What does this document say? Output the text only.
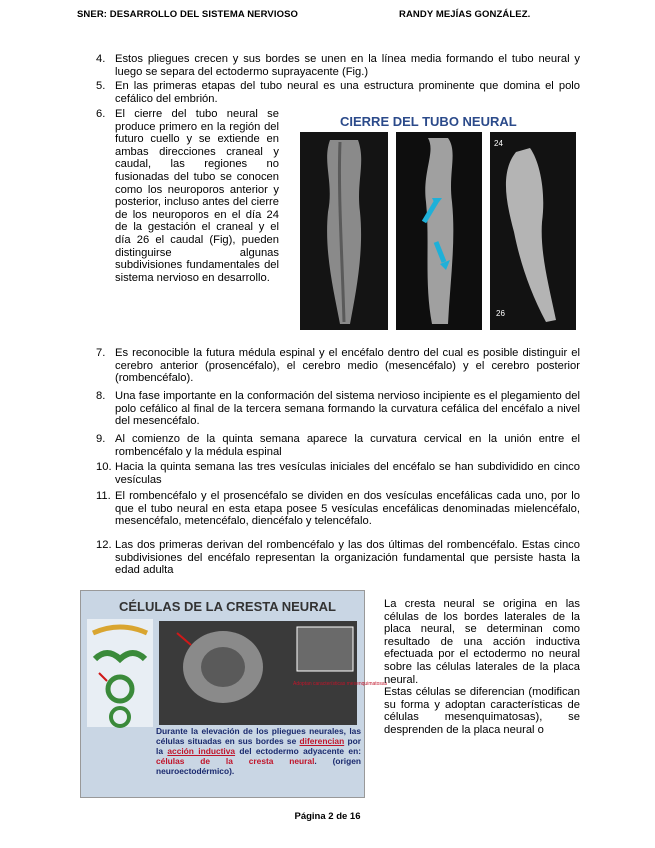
SNER: DESARROLLO DEL SISTEMA NERVIOSO	RANDY MEJÍAS GONZÁLEZ.
4. Estos pliegues crecen y sus bordes se unen en la línea media formando el tubo neural y luego se separa del ectodermo suprayacente (Fig.)
5. En las primeras etapas del tubo neural es una estructura prominente que domina el polo cefálico del embrión.
6. El cierre del tubo neural se produce primero en la región del futuro cuello y se extiende en ambas direcciones craneal y caudal, las regiones no fusionadas del tubo se conocen como los neuroporos anterior y posterior, incluso antes del cierre de los neuroporos en el día 24 de la gestación el craneal y el día 26 el caudal (Fig), pueden distinguirse algunas subdivisiones fundamentales del sistema nervioso en desarrollo.
CIERRE DEL TUBO NEURAL
24
26
7. Es reconocible la futura médula espinal y el encéfalo dentro del cual es posible distinguir el cerebro anterior (prosencéfalo), el cerebro medio (mesencéfalo) y el cerebro posterior (rombencéfalo).
8. Una fase importante en la conformación del sistema nervioso incipiente es el plegamiento del polo cefálico al final de la tercera semana formando la curvatura cefálica del encéfalo a nivel del mesencéfalo.
9. Al comienzo de la quinta semana aparece la curvatura cervical en la unión entre el rombencéfalo y la médula espinal
10. Hacia la quinta semana las tres vesículas iniciales del encéfalo se han subdividido en cinco vesículas
11. El rombencéfalo y el prosencéfalo se dividen en dos vesículas encefálicas cada uno, por lo que el tubo neural en esta etapa posee 5 vesículas encefálicas denominadas mielencéfalo, mesencéfalo, metencéfalo, diencéfalo y telencéfalo.
12. Las dos primeras derivan del rombencéfalo y las dos últimas del rombencéfalo. Estas cinco subdivisiones del encéfalo representan la organización fundamental que persiste hasta la edad adulta
CÉLULAS DE LA CRESTA NEURAL
Adoptan características mesenquimatosas
Durante la elevación de los pliegues neurales, las células situadas en sus bordes se diferencian por la acción inductiva del ectodermo adyacente en: células de la cresta neural. (origen neuroectodérmico).
La cresta neural se origina en las células de los bordes laterales de la placa neural, se determinan como resultado de una acción inductiva efectuada por el ectodermo no neural sobre las células laterales de la placa neural.
Estas células se diferencian (modifican su forma y adoptan características de células mesenquimatosas), se desprenden de la placa neural o
Página 2 de 16
